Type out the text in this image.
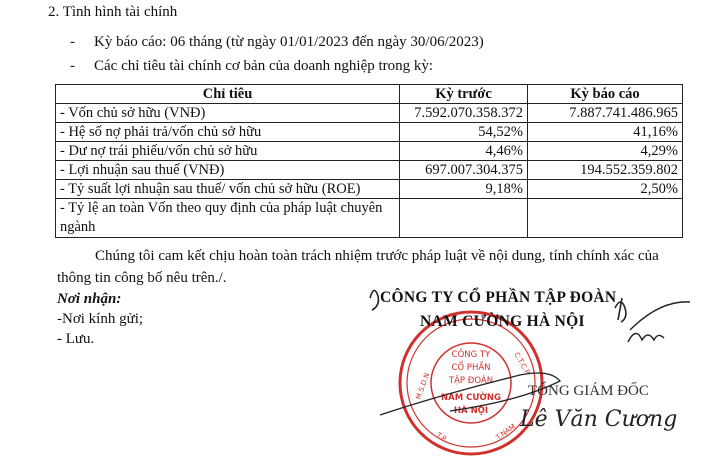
2. Tình hình tài chính
- Kỳ báo cáo: 06 tháng (từ ngày 01/01/2023 đến ngày 30/06/2023)
- Các chỉ tiêu tài chính cơ bản của doanh nghiệp trong kỳ:
Chỉ tiêu	Kỳ trước	Kỳ báo cáo
- Vốn chủ sở hữu (VNĐ)	7.592.070.358.372	7.887.741.486.965
- Hệ số nợ phải trả/vốn chủ sở hữu	54,52%	41,16%
- Dư nợ trái phiếu/vốn chủ sở hữu	4,46%	4,29%
- Lợi nhuận sau thuế (VNĐ)	697.007.304.375	194.552.359.802
- Tỷ suất lợi nhuận sau thuế/ vốn chủ sở hữu (ROE)	9,18%	2,50%
- Tỷ lệ an toàn Vốn theo quy định của pháp luật chuyên ngành		
Chúng tôi cam kết chịu hoàn toàn trách nhiệm trước pháp luật về nội dung, tính chính xác của thông tin công bố nêu trên./.
Nơi nhận:
-Nơi kính gửi;
- Lưu.
CÔNG TY
CỔ PHẦN
TẬP ĐOÀN
NAM CƯỜNG
HÀ NỘI
M.S.D.N
C.T.C.P
T.P	T.NAM
CÔNG TY CỔ PHẦN TẬP ĐOÀN
NAM CƯỜNG HÀ NỘI
TỔNG GIÁM ĐỐC
Lê Văn Cương
